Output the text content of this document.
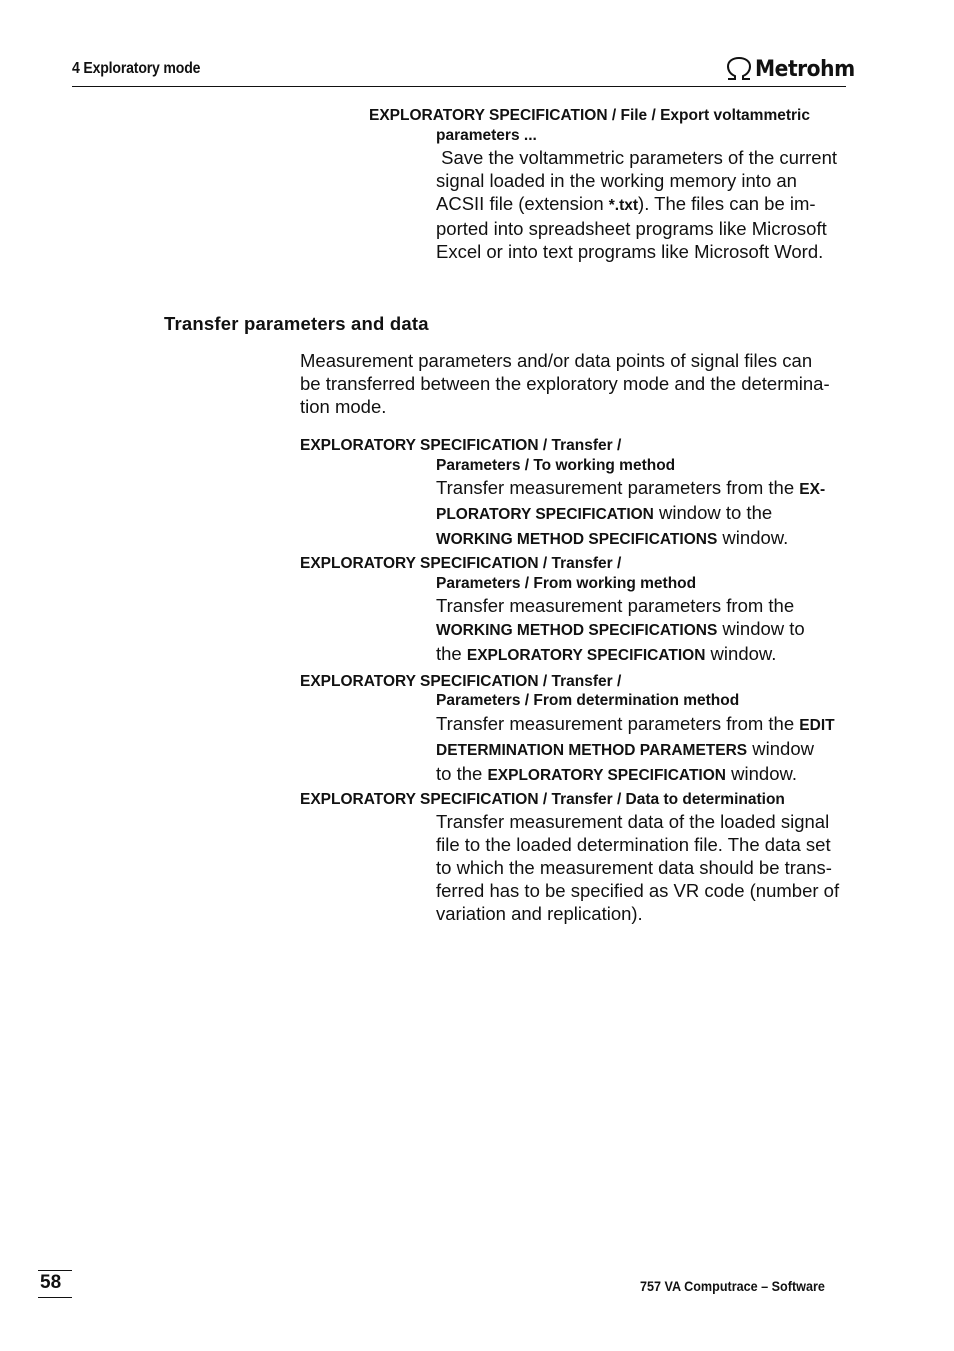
4 Exploratory mode	Metrohm
EXPLORATORY SPECIFICATION / File / Export voltammetric
parameters ...
Save the voltammetric parameters of the current
signal loaded in the working memory into an
ACSII file (extension *.txt). The files can be im-
ported into spreadsheet programs like Microsoft
Excel or into text programs like Microsoft Word.
Transfer parameters and data
Measurement parameters and/or data points of signal files can
be transferred between the exploratory mode and the determina-
tion mode.
EXPLORATORY SPECIFICATION / Transfer /
Parameters / To working method
Transfer measurement parameters from the EX-
PLORATORY SPECIFICATION window to the
WORKING METHOD SPECIFICATIONS window.
EXPLORATORY SPECIFICATION / Transfer /
Parameters / From working method
Transfer measurement parameters from the
WORKING METHOD SPECIFICATIONS window to
the EXPLORATORY SPECIFICATION window.
EXPLORATORY SPECIFICATION / Transfer /
Parameters / From determination method
Transfer measurement parameters from the EDIT
DETERMINATION METHOD PARAMETERS window
to the EXPLORATORY SPECIFICATION window.
EXPLORATORY SPECIFICATION / Transfer / Data to determination
Transfer measurement data of the loaded signal
file to the loaded determination file. The data set
to which the measurement data should be trans-
ferred has to be specified as VR code (number of
variation and replication).
58	757 VA Computrace – Software
